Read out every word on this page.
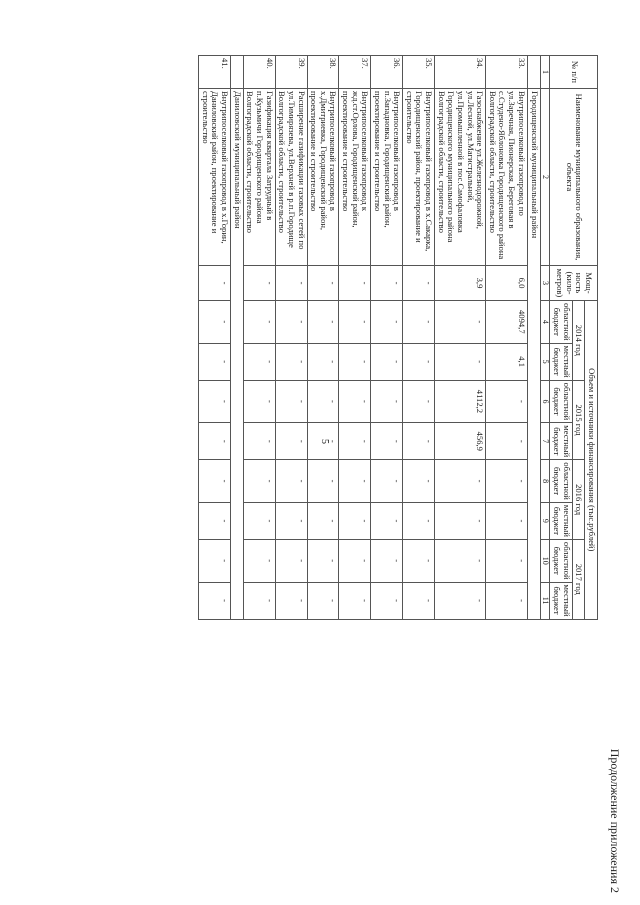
5
Продолжение приложения 2
№ п/п	Наименование муниципального образования, объекта	Мощ-ность (кило-метров)	Объем и источники финансирования (тыс.рублей)							
			2014 год		2015 год		2016 год		2017 год	
			областной бюджет	местный бюджет	областной бюджет	местный бюджет	областной бюджет	местный бюджет	областной бюджет	местный бюджет
1	2	3	4	5	6	7	8	9	10	11
	Городищенский муниципальный район									
33.	Внутрипоселковый газопровод по ул.Заречная, Пионерская, Береговая в с.Студено-Яблоновка Городищенского района Волгоградской области, строительство	6,0	4094,7	4,1	-	-	-	-	-	-
34.	Газоснабжение ул.Железнодорожной, ул.Лесной, ул.Магистральной, ул.Промышленной в пос.Самофаловка Городищенского муниципального района Волгоградской области, строительство	3,9	-	-	4112,2	456,9	-	-	-	-
35.	Внутрипоселковый газопровод в х.Сакарка, Городищенский район, проектирование и строительство	-	-	-	-	-	-	-	-	-
36.	Внутрипоселковый газопровод в п.Западновка, Городищенский район, проектирование и строительство	-	-	-	-	-	-	-	-	-
37.	Внутрипоселковый газопровод к жд.ст.Орлова, Городищенский район, проектирование и строительство	-	-	-	-	-	-	-	-	-
38.	Внутрипоселковый газопровод в х.Дмитриевка, Городищенский район, проектирование и строительство	-	-	-	-	-	-	-	-	-
39.	Расширение газификации газовых сетей по ул.Тимирязева, ул.Верхней в р.п.Городище Волгоградской области, строительство	-	-	-	-	-	-	-	-	-
40.	Газификация квартала Затрудный в п.Кузьмичи Городищенского района Волгоградской области, строительство	-	-	-	-	-	-	-	-	-
	Даниловский муниципальный район									
41.	Внутрипоселковый газопровод в х.Горин, Даниловский район, проектирование и строительство	-	-	-	-	-	-	-	-	-
